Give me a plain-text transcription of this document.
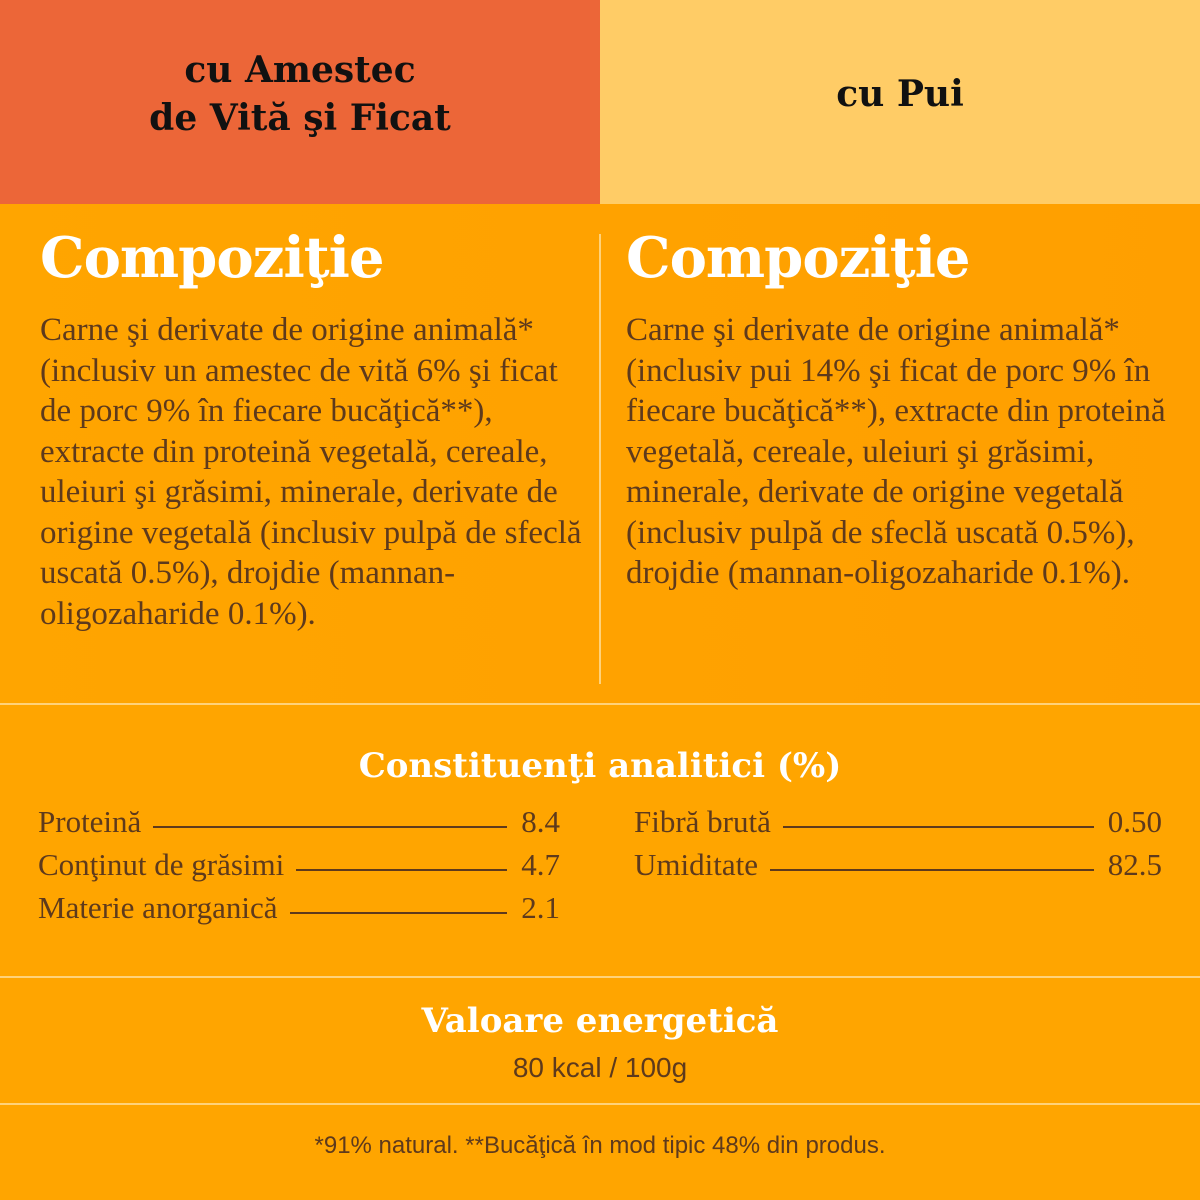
cu Amestec
de Vită şi Ficat
cu Pui
Compoziţie

Carne şi derivate de origine animală* (inclusiv un amestec de vită 6% şi ficat de porc 9% în fiecare bucăţică**), extracte din proteină vegetală, cereale, uleiuri şi grăsimi, minerale, derivate de origine vegetală (inclusiv pulpă de sfeclă uscată 0.5%), drojdie (mannan-oligozaharide 0.1%).

Compoziţie

Carne şi derivate de origine animală* (inclusiv pui 14% şi ficat de porc 9% în fiecare bucăţică**), extracte din proteină vegetală, cereale, uleiuri şi grăsimi, minerale, derivate de origine vegetală (inclusiv pulpă de sfeclă uscată 0.5%), drojdie (mannan-oligozaharide 0.1%).

Constituenţi analitici (%)
Proteină	8.4
Conţinut de grăsimi	4.7
Materie anorganică	2.1
Fibră brută	0.50
Umiditate	82.5
Valoare energetică
80 kcal / 100g
*91% natural. **Bucăţică în mod tipic 48% din produs.
